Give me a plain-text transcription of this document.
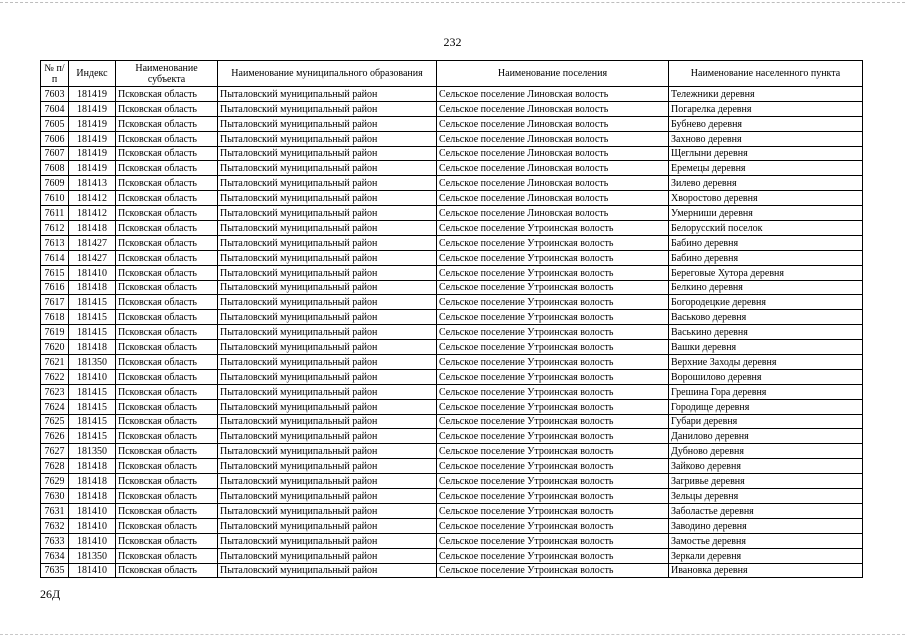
232
№ п/п	Индекс	Наименование субъекта	Наименование муниципального образования	Наименование поселения	Наименование населенного пункта
7603	181419	Псковская область	Пыталовский муниципальный район	Сельское поселение Линовская волость	Тележники деревня
7604	181419	Псковская область	Пыталовский муниципальный район	Сельское поселение Линовская волость	Погарелка деревня
7605	181419	Псковская область	Пыталовский муниципальный район	Сельское поселение Линовская волость	Бубнево деревня
7606	181419	Псковская область	Пыталовский муниципальный район	Сельское поселение Линовская волость	Захново деревня
7607	181419	Псковская область	Пыталовский муниципальный район	Сельское поселение Линовская волость	Щеглыни деревня
7608	181419	Псковская область	Пыталовский муниципальный район	Сельское поселение Линовская волость	Еремецы деревня
7609	181413	Псковская область	Пыталовский муниципальный район	Сельское поселение Линовская волость	Зилево деревня
7610	181412	Псковская область	Пыталовский муниципальный район	Сельское поселение Линовская волость	Хворостово деревня
7611	181412	Псковская область	Пыталовский муниципальный район	Сельское поселение Линовская волость	Умерниши деревня
7612	181418	Псковская область	Пыталовский муниципальный район	Сельское поселение Утроинская волость	Белорусский поселок
7613	181427	Псковская область	Пыталовский муниципальный район	Сельское поселение Утроинская волость	Бабино деревня
7614	181427	Псковская область	Пыталовский муниципальный район	Сельское поселение Утроинская волость	Бабино деревня
7615	181410	Псковская область	Пыталовский муниципальный район	Сельское поселение Утроинская волость	Береговые Хутора деревня
7616	181418	Псковская область	Пыталовский муниципальный район	Сельское поселение Утроинская волость	Белкино деревня
7617	181415	Псковская область	Пыталовский муниципальный район	Сельское поселение Утроинская волость	Богородецкие деревня
7618	181415	Псковская область	Пыталовский муниципальный район	Сельское поселение Утроинская волость	Васьково деревня
7619	181415	Псковская область	Пыталовский муниципальный район	Сельское поселение Утроинская волость	Васькино деревня
7620	181418	Псковская область	Пыталовский муниципальный район	Сельское поселение Утроинская волость	Вашки деревня
7621	181350	Псковская область	Пыталовский муниципальный район	Сельское поселение Утроинская волость	Верхние Заходы деревня
7622	181410	Псковская область	Пыталовский муниципальный район	Сельское поселение Утроинская волость	Ворошилово деревня
7623	181415	Псковская область	Пыталовский муниципальный район	Сельское поселение Утроинская волость	Грешина Гора деревня
7624	181415	Псковская область	Пыталовский муниципальный район	Сельское поселение Утроинская волость	Городище деревня
7625	181415	Псковская область	Пыталовский муниципальный район	Сельское поселение Утроинская волость	Губари деревня
7626	181415	Псковская область	Пыталовский муниципальный район	Сельское поселение Утроинская волость	Данилово деревня
7627	181350	Псковская область	Пыталовский муниципальный район	Сельское поселение Утроинская волость	Дубново деревня
7628	181418	Псковская область	Пыталовский муниципальный район	Сельское поселение Утроинская волость	Зайково деревня
7629	181418	Псковская область	Пыталовский муниципальный район	Сельское поселение Утроинская волость	Загривье деревня
7630	181418	Псковская область	Пыталовский муниципальный район	Сельское поселение Утроинская волость	Зельцы деревня
7631	181410	Псковская область	Пыталовский муниципальный район	Сельское поселение Утроинская волость	Заболастье деревня
7632	181410	Псковская область	Пыталовский муниципальный район	Сельское поселение Утроинская волость	Заводино деревня
7633	181410	Псковская область	Пыталовский муниципальный район	Сельское поселение Утроинская волость	Замостье деревня
7634	181350	Псковская область	Пыталовский муниципальный район	Сельское поселение Утроинская волость	Зеркали деревня
7635	181410	Псковская область	Пыталовский муниципальный район	Сельское поселение Утроинская волость	Ивановка деревня
26Д
